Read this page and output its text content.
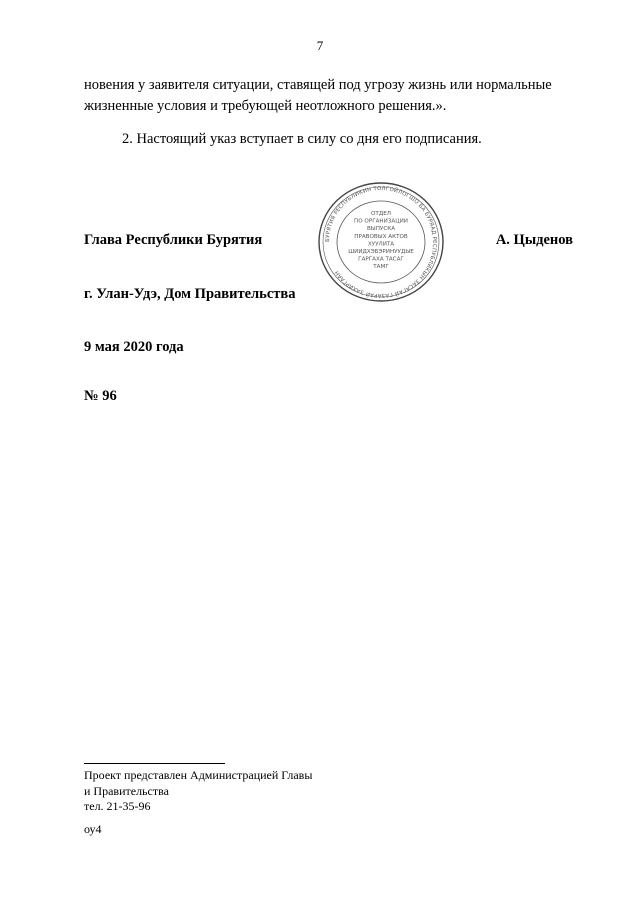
7
новения у заявителя ситуации, ставящей под угрозу жизнь или нормальные жизненные условия и требующей неотложного решения.».
2. Настоящий указ вступает в силу со дня его подписания.
Глава Республики Бурятия	А. Цыденов
БУРЯТИЯ РЕСПУБЛИКИН ТОЛГОЙЛОГШО БА БУРЯАД РЕСПУБЛИКЫН ЗАСАГАЙ ГАЗАРАЙ ЗАХИРГААН
ОТДЕЛ
ПО ОРГАНИЗАЦИИ
ВЫПУСКА
ПРАВОВЫХ АКТОВ
ХУУЛИТА
ШИИДХЭБЭРИНУУДЫЕ
ГАРГАХА ТАСАГ
ТАМГ
г. Улан-Удэ, Дом Правительства
9 мая 2020 года
№ 96
Проект представлен Администрацией Главы
и Правительства
тел. 21-35-96
оу4
